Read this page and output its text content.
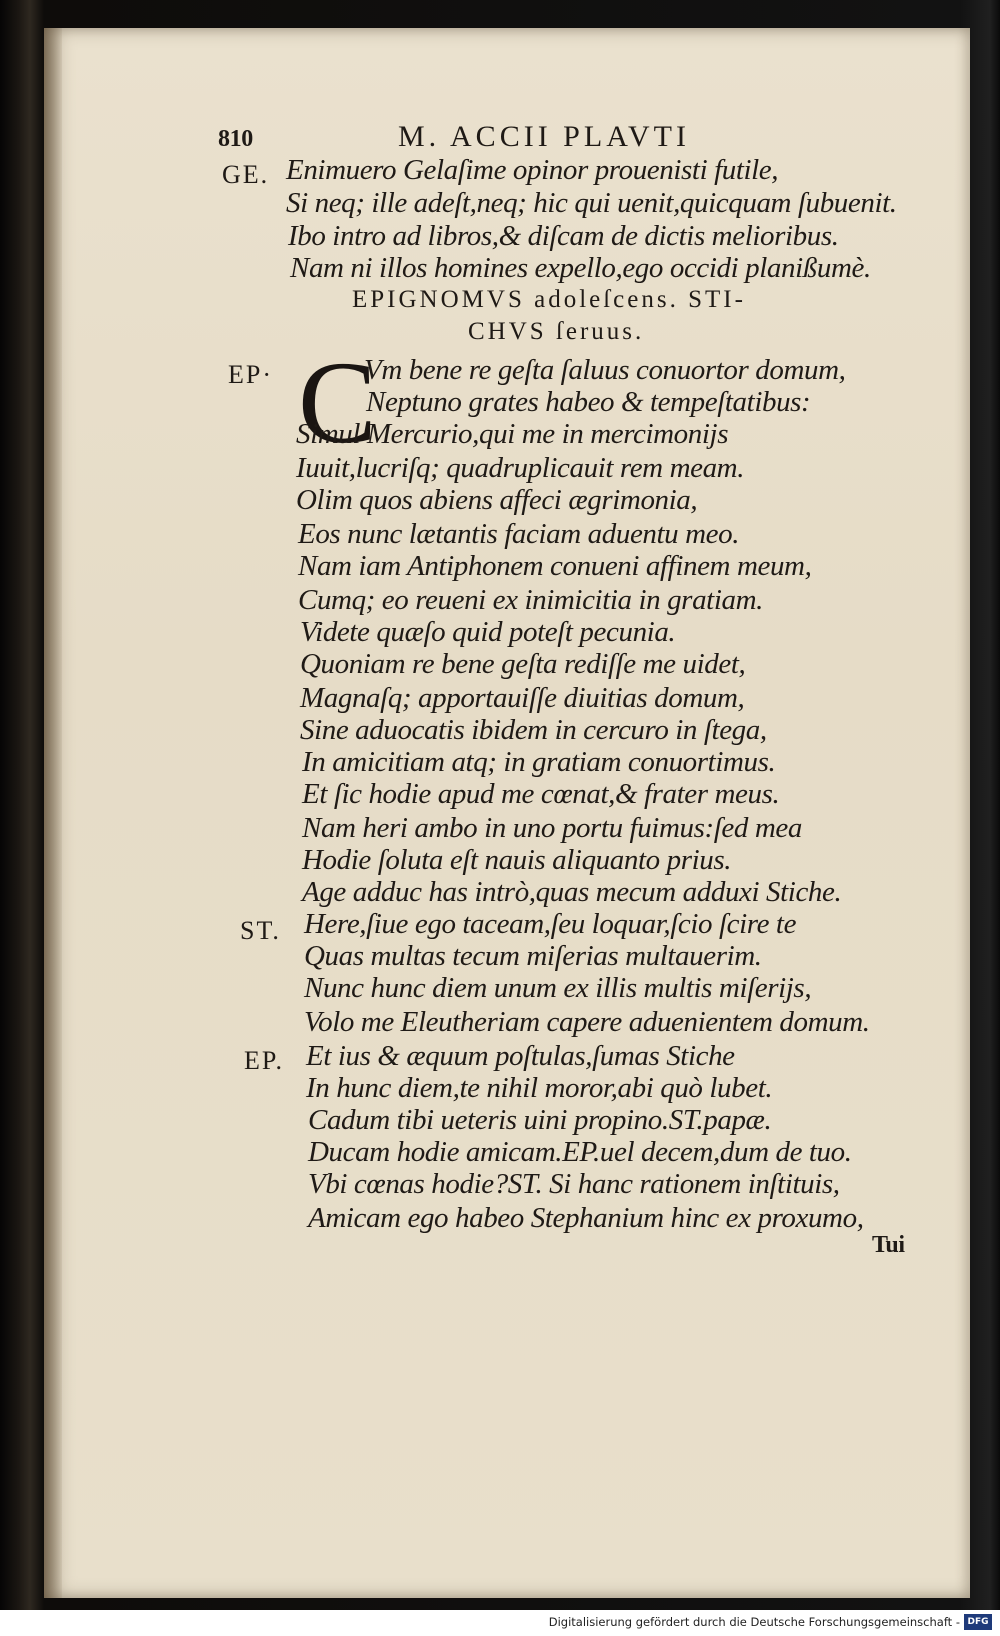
810	M. ACCII PLAVTI
GE.
EP·
ST.
EP.
Enimuero Gelaſime opinor prouenisti futile,
Si neq; ille adeſt,neq; hic qui uenit,quicquam ſubuenit.
Ibo intro ad libros,& diſcam de dictis melioribus.
Nam ni illos homines expello,ego occidi planißumè.
EPIGNOMVS adoleſcens. STI-
CHVS ſeruus.
C
Vm bene re geſta ſaluus conuortor domum,
Neptuno grates habeo & tempeſtatibus:
Simul Mercurio,qui me in mercimonijs
Iuuit,lucriſq; quadruplicauit rem meam.
Olim quos abiens affeci ægrimonia,
Eos nunc lætantis faciam aduentu meo.
Nam iam Antiphonem conueni affinem meum,
Cumq; eo reueni ex inimicitia in gratiam.
Videte quæſo quid poteſt pecunia.
Quoniam re bene geſta rediſſe me uidet,
Magnaſq; apportauiſſe diuitias domum,
Sine aduocatis ibidem in cercuro in ſtega,
In amicitiam atq; in gratiam conuortimus.
Et ſic hodie apud me cœnat,& frater meus.
Nam heri ambo in uno portu fuimus:ſed mea
Hodie ſoluta eſt nauis aliquanto prius.
Age adduc has intrò,quas mecum adduxi Stiche.
Here,ſiue ego taceam,ſeu loquar,ſcio ſcire te
Quas multas tecum miſerias multauerim.
Nunc hunc diem unum ex illis multis miſerijs,
Volo me Eleutheriam capere aduenientem domum.
Et ius & æquum poſtulas,ſumas Stiche
In hunc diem,te nihil moror,abi quò lubet.
Cadum tibi ueteris uini propino.ST.papæ.
Ducam hodie amicam.EP.uel decem,dum de tuo.
Vbi cœnas hodie?ST. Si hanc rationem inſtituis,
Amicam ego habeo Stephanium hinc ex proxumo,
Tui
Digitalisierung gefördert durch die Deutsche Forschungsgemeinschaft - DFG
